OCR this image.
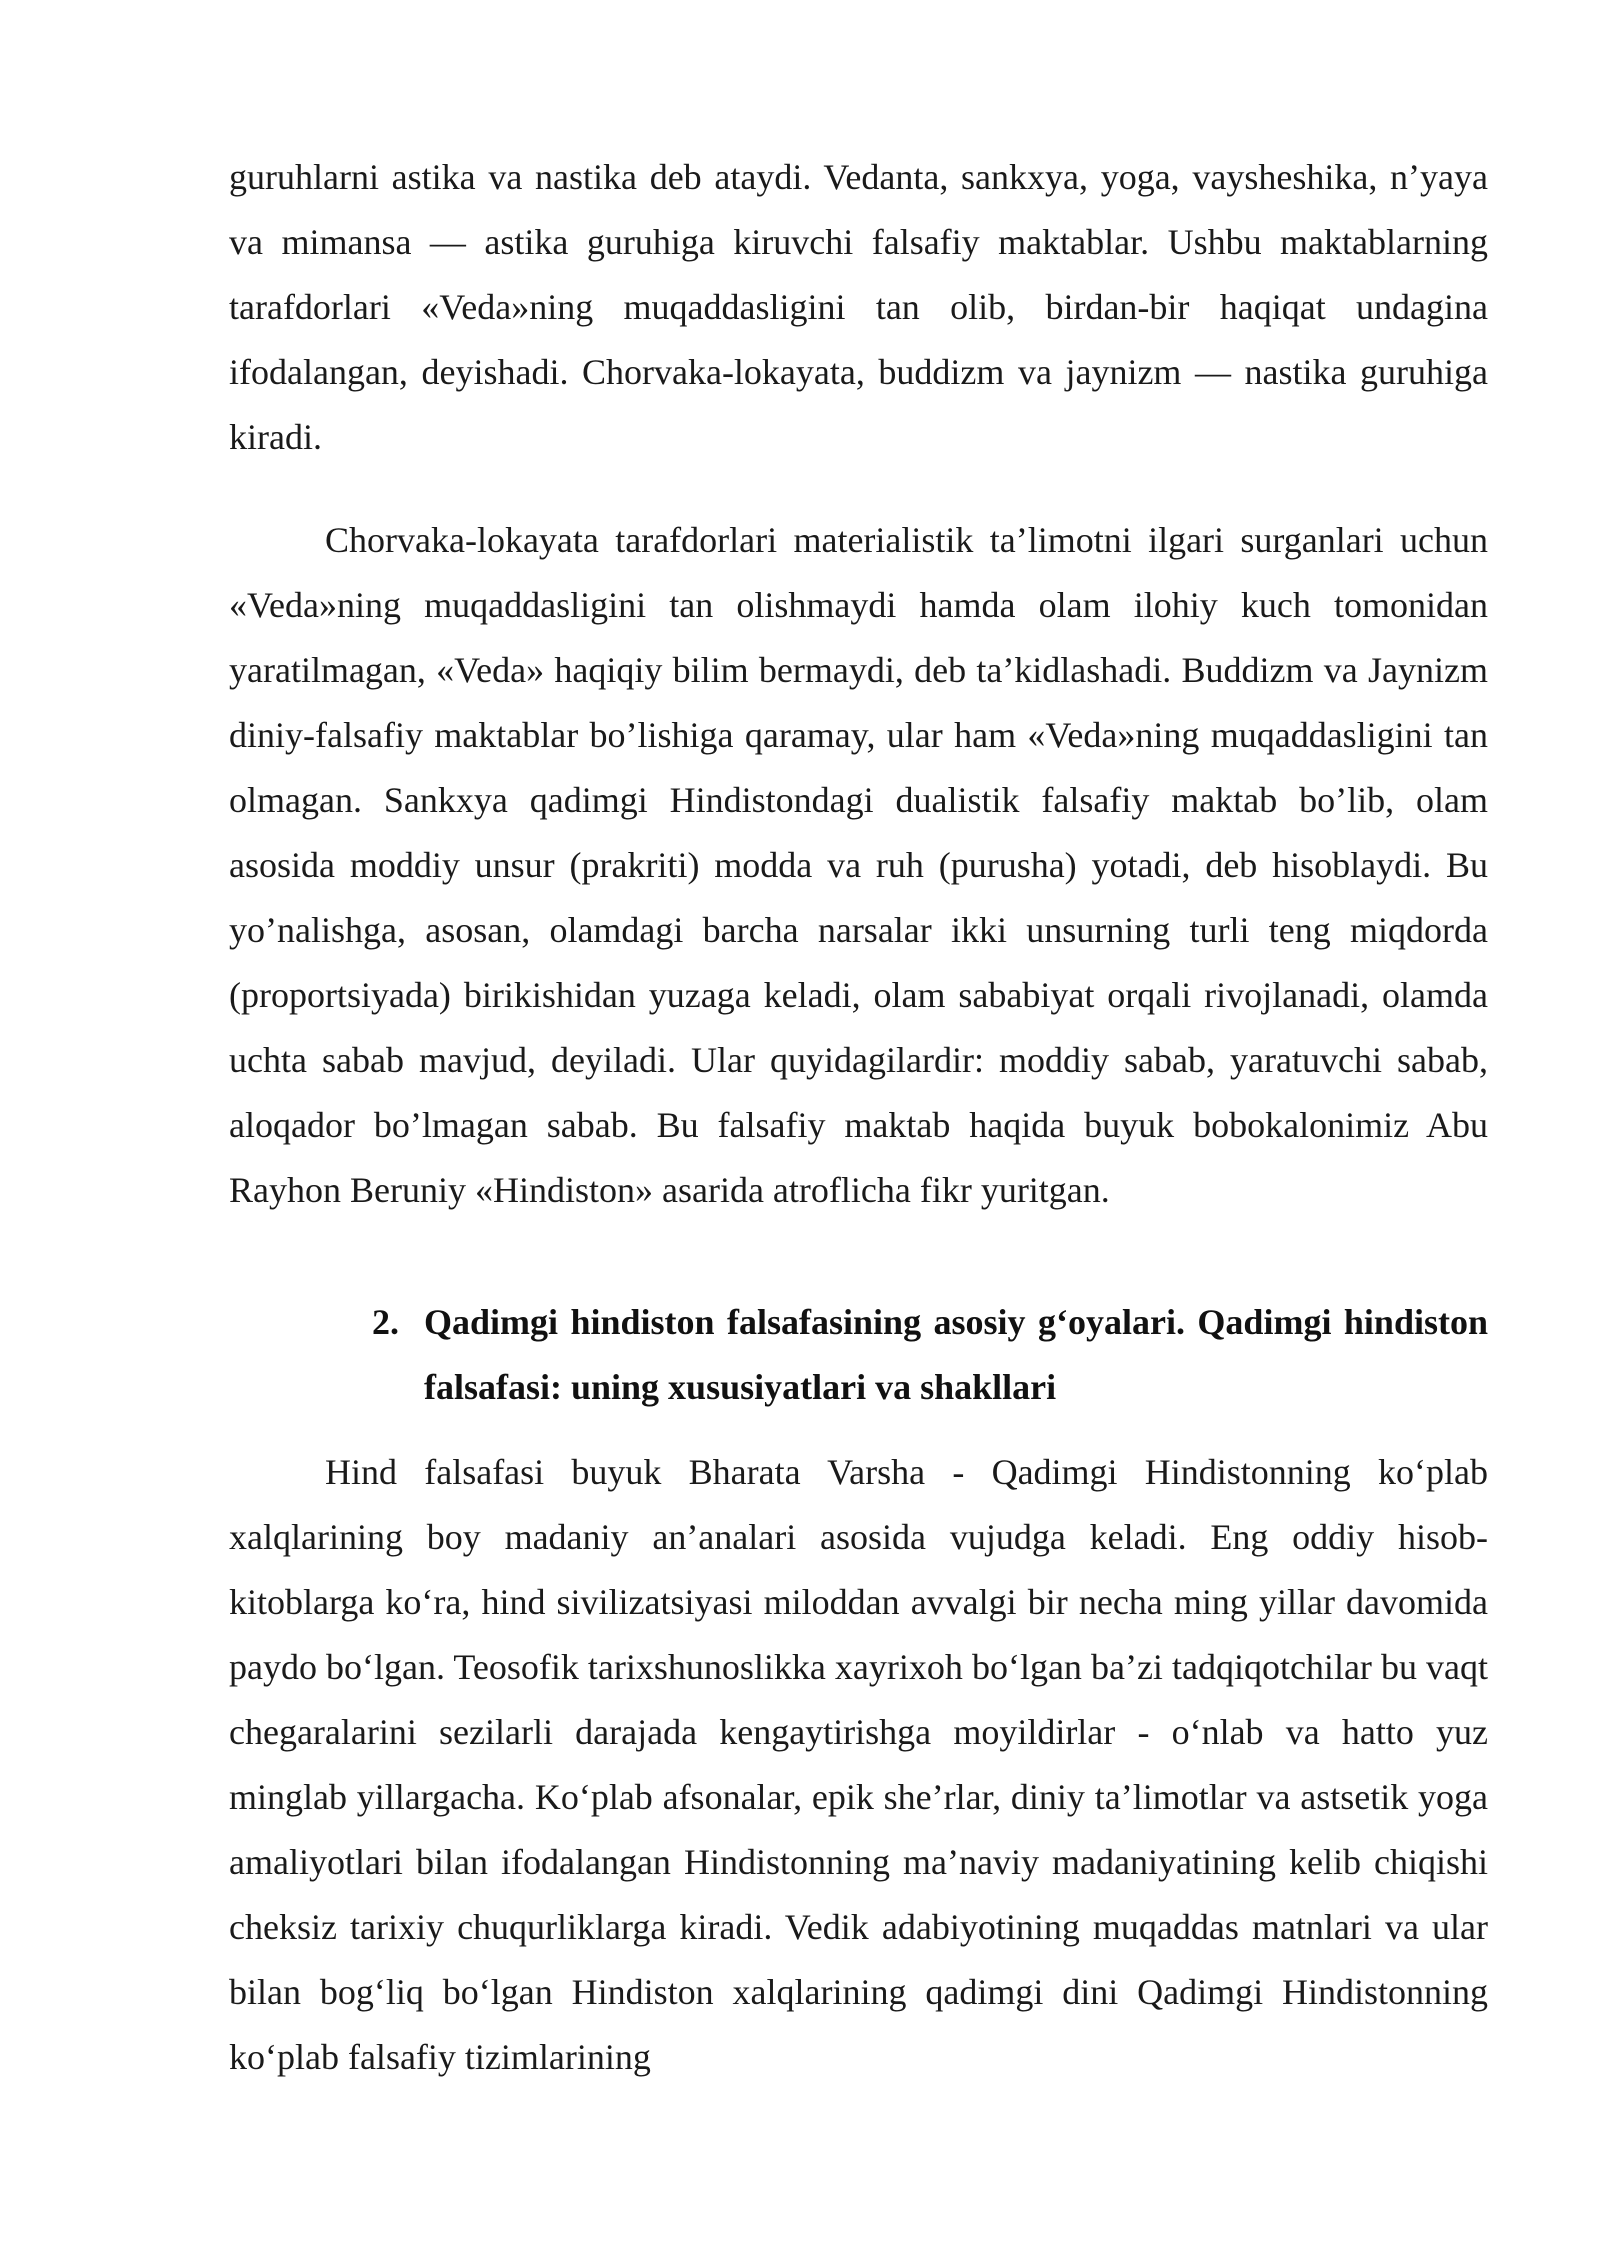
guruhlarni astika va nastika deb ataydi. Vedanta, sankxya, yoga, vaysheshika, n’yaya va mimansa — astika guruhiga kiruvchi falsafiy maktablar. Ushbu maktablarning tarafdorlari «Veda»ning muqaddasligini tan olib, birdan-bir haqiqat undagina ifodalangan, deyishadi. Chorvaka-lokayata, buddizm va jaynizm — nastika guruhiga kiradi.

Chorvaka-lokayata tarafdorlari materialistik ta’limotni ilgari surganlari uchun «Veda»ning muqaddasligini tan olishmaydi hamda olam ilohiy kuch tomonidan yaratilmagan, «Veda» haqiqiy bilim bermaydi, deb ta’kidlashadi. Buddizm va Jaynizm diniy-falsafiy maktablar bo’lishiga qaramay, ular ham «Veda»ning muqaddasligini tan olmagan. Sankxya qadimgi Hindistondagi dualistik falsafiy maktab bo’lib, olam asosida moddiy unsur (prakriti) modda va ruh (purusha) yotadi, deb hisoblaydi. Bu yo’nalishga, asosan, olamdagi barcha narsalar ikki unsurning turli teng miqdorda (proportsiyada) birikishidan yuzaga keladi, olam sababiyat orqali rivojlanadi, olamda uchta sabab mavjud, deyiladi. Ular quyidagilardir: moddiy sabab, yaratuvchi sabab, aloqador bo’lmagan sabab. Bu falsafiy maktab haqida buyuk bobokalonimiz Abu Rayhon Beruniy «Hindiston» asarida atroflicha fikr yuritgan.

2. Qadimgi hindiston falsafasining asosiy g‘oyalari. Qadimgi hindiston falsafasi: uning xususiyatlari va shakllari

Hind falsafasi buyuk Bharata Varsha - Qadimgi Hindistonning ko‘plab xalqlarining boy madaniy an’analari asosida vujudga keladi. Eng oddiy hisob-kitoblarga ko‘ra, hind sivilizatsiyasi miloddan avvalgi bir necha ming yillar davomida paydo bo‘lgan. Teosofik tarixshunoslikka xayrixoh bo‘lgan ba’zi tadqiqotchilar bu vaqt chegaralarini sezilarli darajada kengaytirishga moyildirlar - o‘nlab va hatto yuz minglab yillargacha. Ko‘plab afsonalar, epik she’rlar, diniy ta’limotlar va astsetik yoga amaliyotlari bilan ifodalangan Hindistonning ma’naviy madaniyatining kelib chiqishi cheksiz tarixiy chuqurliklarga kiradi. Vedik adabiyotining muqaddas matnlari va ular bilan bog‘liq bo‘lgan Hindiston xalqlarining qadimgi dini Qadimgi Hindistonning ko‘plab falsafiy tizimlarining
